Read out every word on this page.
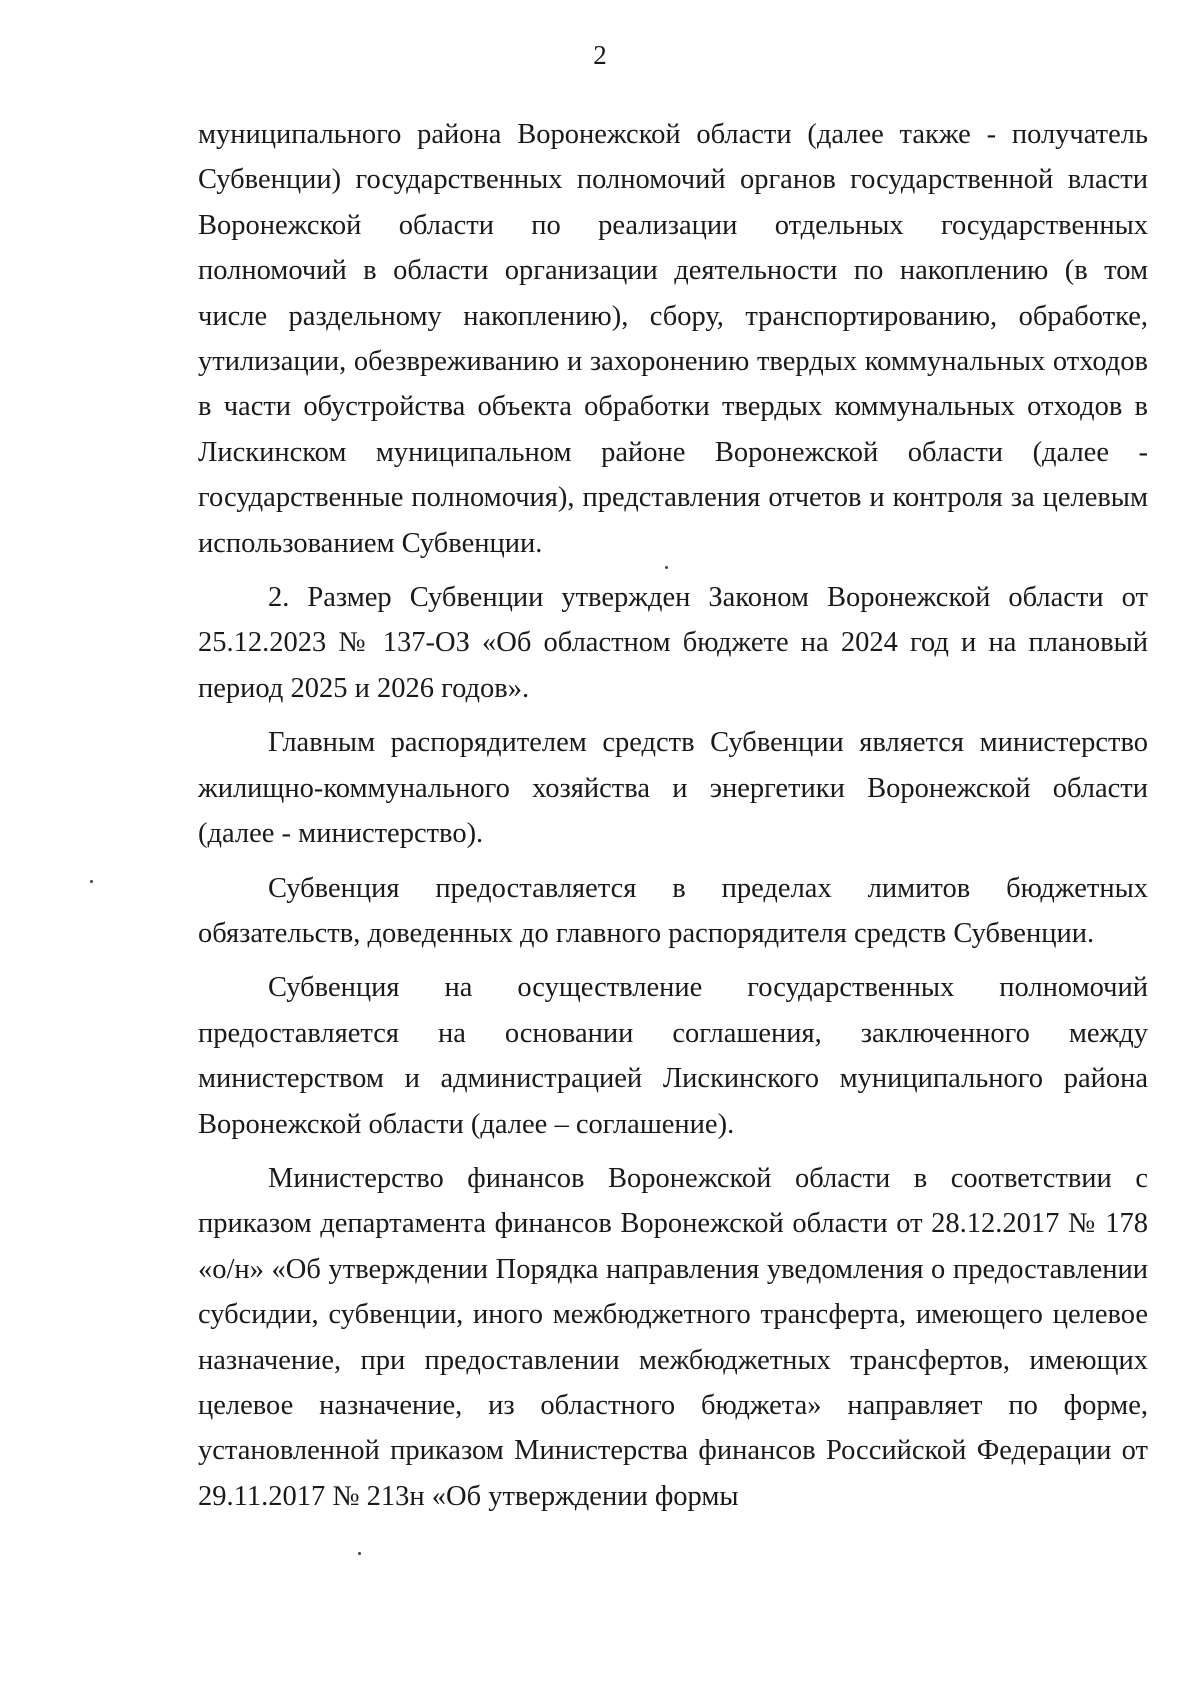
2

муниципального района Воронежской области (далее также - получатель Субвенции) государственных полномочий органов государственной власти Воронежской области по реализации отдельных государственных полномочий в области организации деятельности по накоплению (в том числе раздельному накоплению), сбору, транспортированию, обработке, утилизации, обезвреживанию и захоронению твердых коммунальных отходов в части обустройства объекта обработки твердых коммунальных отходов в Лискинском муниципальном районе Воронежской области (далее - государственные полномочия), представления отчетов и контроля за целевым использованием Субвенции.

2. Размер Субвенции утвержден Законом Воронежской области от 25.12.2023 № 137-ОЗ «Об областном бюджете на 2024 год и на плановый период 2025 и 2026 годов».

Главным распорядителем средств Субвенции является министерство жилищно-коммунального хозяйства и энергетики Воронежской области (далее - министерство).

Субвенция предоставляется в пределах лимитов бюджетных обязательств, доведенных до главного распорядителя средств Субвенции.

Субвенция на осуществление государственных полномочий предоставляется на основании соглашения, заключенного между министерством и администрацией Лискинского муниципального района Воронежской области (далее – соглашение).

Министерство финансов Воронежской области в соответствии с приказом департамента финансов Воронежской области от 28.12.2017 № 178 «о/н» «Об утверждении Порядка направления уведомления о предоставлении субсидии, субвенции, иного межбюджетного трансферта, имеющего целевое назначение, при предоставлении межбюджетных трансфертов, имеющих целевое назначение, из областного бюджета» направляет по форме, установленной приказом Министерства финансов Российской Федерации от 29.11.2017 № 213н «Об утверждении формы
